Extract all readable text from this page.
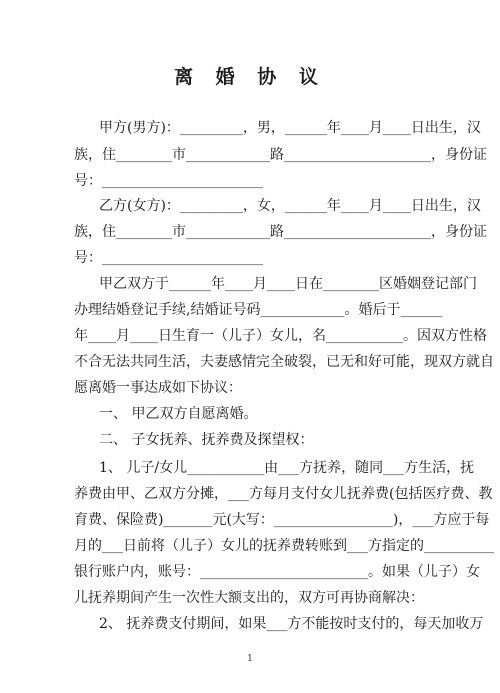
离 婚 协 议
甲方(男方)：_________，男，______年____月____日出生，汉
族，住________市____________路_____________________，身份证
号：_______________________
乙方(女方)：_________，女，______年____月____日出生，汉
族，住________市____________路_____________________，身份证
号：_______________________
甲乙双方于______年____月____日在________区婚姻登记部门
办理结婚登记手续,结婚证号码____________。婚后于______
年____月____日生育一（儿子）女儿，名___________。因双方性格
不合无法共同生活，夫妻感情完全破裂，已无和好可能，现双方就自
愿离婚一事达成如下协议：
一、 甲乙双方自愿离婚。
二、 子女抚养、抚养费及探望权：
1、 儿子/女儿___________由___方抚养，随同___方生活，抚
养费由甲、乙双方分摊，___方每月支付女儿抚养费(包括医疗费、教
育费、保险费)_______元(大写：_________________)，___方应于每
月的___日前将（儿子）女儿的抚养费转账到___方指定的__________
银行账户内，账号：________________________。如果（儿子）女
儿抚养期间产生一次性大额支出的，双方可再协商解决：
2、 抚养费支付期间，如果___方不能按时支付的，每天加收万
1
